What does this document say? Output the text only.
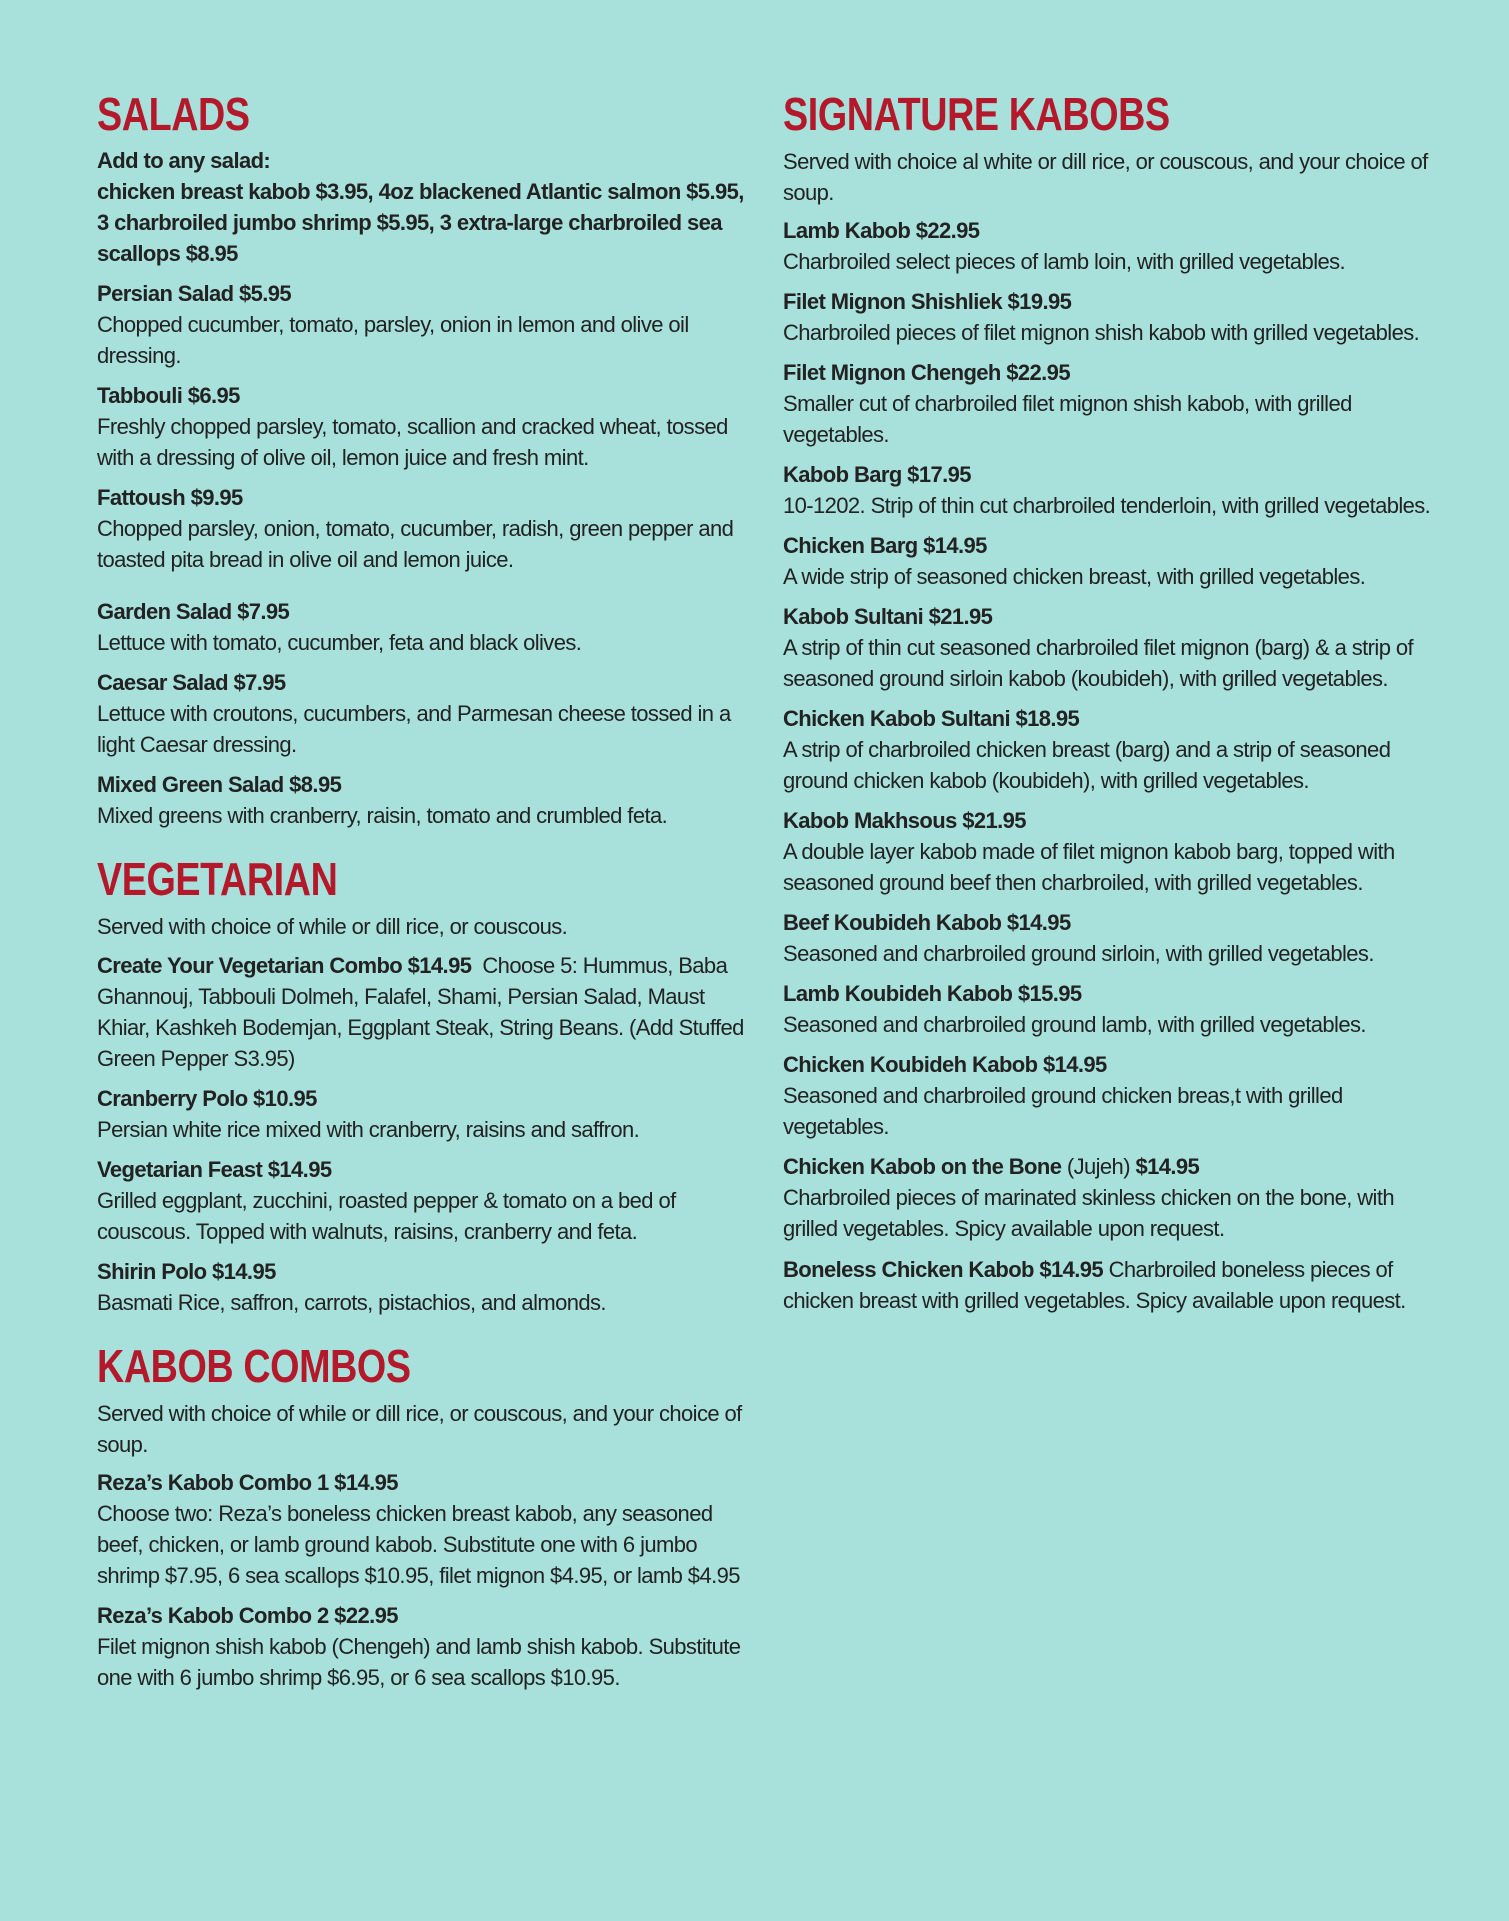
SALADS
Add to any salad:
chicken breast kabob $3.95, 4oz blackened Atlantic salmon $5.95, 3 charbroiled jumbo shrimp $5.95, 3 extra-large charbroiled sea scallops $8.95
Persian Salad $5.95
Chopped cucumber, tomato, parsley, onion in lemon and olive oil dressing.
Tabbouli $6.95
Freshly chopped parsley, tomato, scallion and cracked wheat, tossed with a dressing of olive oil, lemon juice and fresh mint.
Fattoush $9.95
Chopped parsley, onion, tomato, cucumber, radish, green pepper and toasted pita bread in olive oil and lemon juice.
Garden Salad $7.95
Lettuce with tomato, cucumber, feta and black olives.
Caesar Salad $7.95
Lettuce with croutons, cucumbers, and Parmesan cheese tossed in a light Caesar dressing.
Mixed Green Salad $8.95
Mixed greens with cranberry, raisin, tomato and crumbled feta.
VEGETARIAN
Served with choice of while or dill rice, or couscous.
Create Your Vegetarian Combo $14.95 Choose 5: Hummus, Baba Ghannouj, Tabbouli Dolmeh, Falafel, Shami, Persian Salad, Maust Khiar, Kashkeh Bodemjan, Eggplant Steak, String Beans. (Add Stuffed Green Pepper S3.95)
Cranberry Polo $10.95
Persian white rice mixed with cranberry, raisins and saffron.
Vegetarian Feast $14.95
Grilled eggplant, zucchini, roasted pepper & tomato on a bed of couscous. Topped with walnuts, raisins, cranberry and feta.
Shirin Polo $14.95
Basmati Rice, saffron, carrots, pistachios, and almonds.
KABOB COMBOS
Served with choice of while or dill rice, or couscous, and your choice of soup.
Reza’s Kabob Combo 1 $14.95
Choose two: Reza’s boneless chicken breast kabob, any seasoned beef, chicken, or lamb ground kabob. Substitute one with 6 jumbo shrimp $7.95, 6 sea scallops $10.95, filet mignon $4.95, or lamb $4.95
Reza’s Kabob Combo 2 $22.95
Filet mignon shish kabob (Chengeh) and lamb shish kabob. Substitute one with 6 jumbo shrimp $6.95, or 6 sea scallops $10.95.
SIGNATURE KABOBS
Served with choice al white or dill rice, or couscous, and your choice of soup.
Lamb Kabob $22.95
Charbroiled select pieces of lamb loin, with grilled vegetables.
Filet Mignon Shishliek $19.95
Charbroiled pieces of filet mignon shish kabob with grilled vegetables.
Filet Mignon Chengeh $22.95
Smaller cut of charbroiled filet mignon shish kabob, with grilled vegetables.
Kabob Barg $17.95
10-1202. Strip of thin cut charbroiled tenderloin, with grilled vegetables.
Chicken Barg $14.95
A wide strip of seasoned chicken breast, with grilled vegetables.
Kabob Sultani $21.95
A strip of thin cut seasoned charbroiled filet mignon (barg) & a strip of seasoned ground sirloin kabob (koubideh), with grilled vegetables.
Chicken Kabob Sultani $18.95
A strip of charbroiled chicken breast (barg) and a strip of seasoned ground chicken kabob (koubideh), with grilled vegetables.
Kabob Makhsous $21.95
A double layer kabob made of filet mignon kabob barg, topped with seasoned ground beef then charbroiled, with grilled vegetables.
Beef Koubideh Kabob $14.95
Seasoned and charbroiled ground sirloin, with grilled vegetables.
Lamb Koubideh Kabob $15.95
Seasoned and charbroiled ground lamb, with grilled vegetables.
Chicken Koubideh Kabob $14.95
Seasoned and charbroiled ground chicken breas,t with grilled vegetables.
Chicken Kabob on the Bone (Jujeh) $14.95
Charbroiled pieces of marinated skinless chicken on the bone, with grilled vegetables. Spicy available upon request.
Boneless Chicken Kabob $14.95 Charbroiled boneless pieces of chicken breast with grilled vegetables. Spicy available upon request.
